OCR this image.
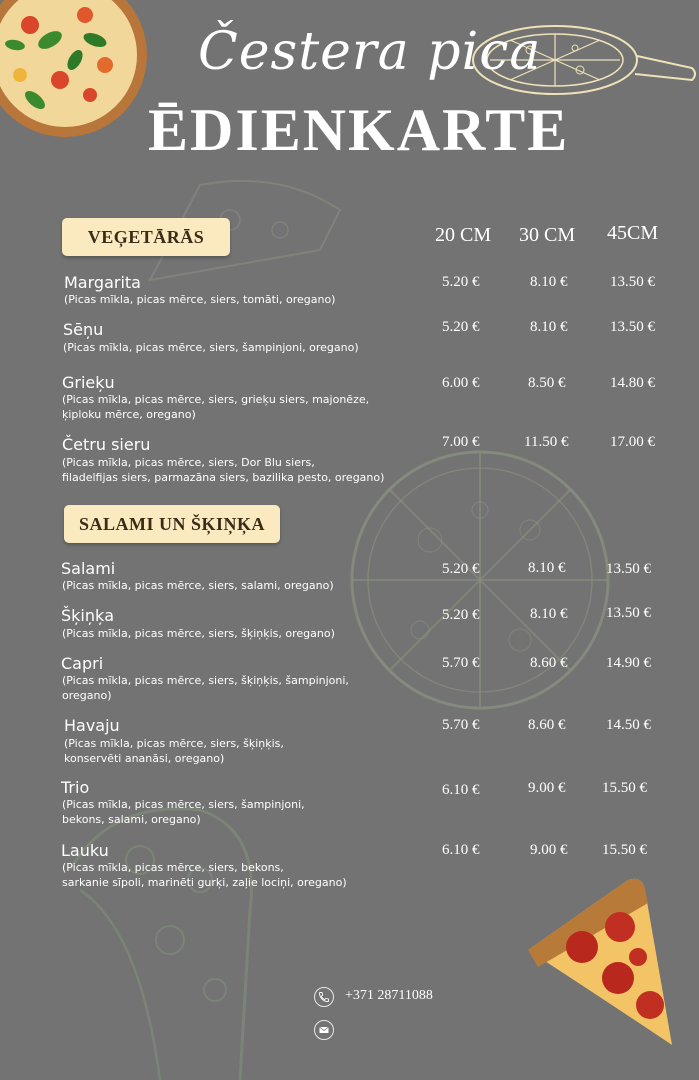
Čestera pica
ĒDIENKARTE
20 CM 30 CM 45CM
VEĢETĀRĀS
Margarita
(Picas mīkla, picas mērce, siers, tomāti, oregano)
5.20 €	8.10 €	13.50 €
Sēņu
(Picas mīkla, picas mērce, siers, šampinjoni, oregano)
5.20 €	8.10 €	13.50 €
Grieķu
(Picas mīkla, picas mērce, siers, grieķu siers, majonēze,
ķiploku mērce, oregano)
6.00 €	8.50 €	14.80 €
Četru sieru
(Picas mīkla, picas mērce, siers, Dor Blu siers,
filadelfijas siers, parmazāna siers, bazilika pesto, oregano)
7.00 €	11.50 €	17.00 €
SALAMI UN ŠĶIŅĶA
Salami
(Picas mīkla, picas mērce, siers, salami, oregano)
5.20 €	8.10 €	13.50 €
Šķiņķa
(Picas mīkla, picas mērce, siers, šķiņķis, oregano)
5.20 €	8.10 €	13.50 €
Capri
(Picas mīkla, picas mērce, siers, šķiņķis, šampinjoni,
oregano)
5.70 €	8.60 €	14.90 €
Havaju
(Picas mīkla, picas mērce, siers, šķiņķis,
konservēti ananāsi, oregano)
5.70 €	8.60 €	14.50 €
Trio
(Picas mīkla, picas mērce, siers, šampinjoni,
bekons, salami, oregano)
6.10 €	9.00 € 15.50 €
Lauku
(Picas mīkla, picas mērce, siers, bekons,
sarkanie sīpoli, marinēti gurķi, zaļie lociņi, oregano)
6.10 €	9.00 € 15.50 €
+371 28711088
